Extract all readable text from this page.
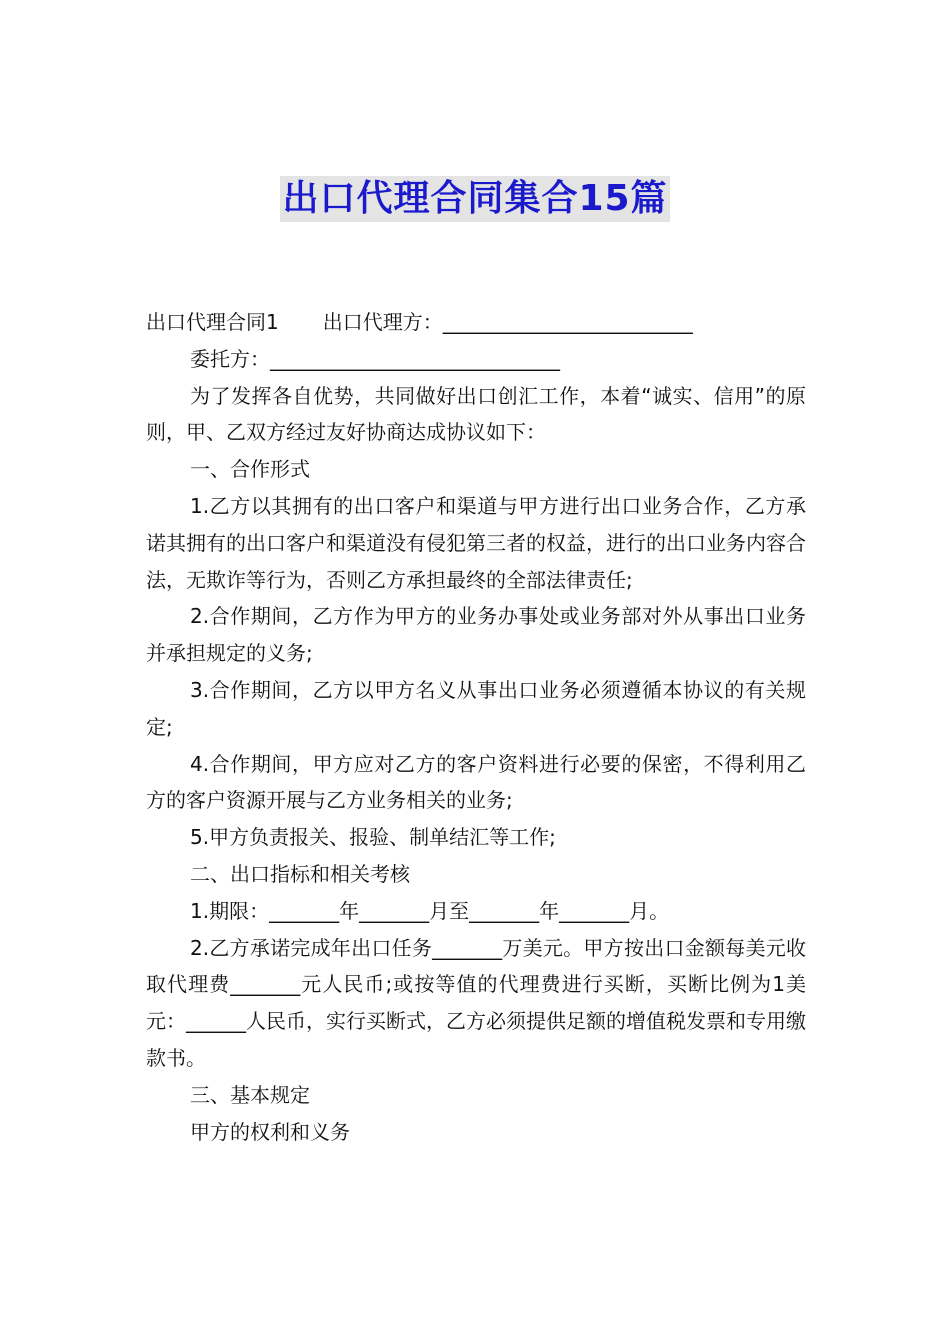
出口代理合同集合15篇

出口代理合同1 出口代理方：_________________________

委托方：_____________________________

为了发挥各自优势，共同做好出口创汇工作，本着“诚实、信用”的原则，甲、乙双方经过友好协商达成协议如下：

一、合作形式

1.乙方以其拥有的出口客户和渠道与甲方进行出口业务合作，乙方承诺其拥有的出口客户和渠道没有侵犯第三者的权益，进行的出口业务内容合法，无欺诈等行为，否则乙方承担最终的全部法律责任;

2.合作期间，乙方作为甲方的业务办事处或业务部对外从事出口业务并承担规定的义务;

3.合作期间，乙方以甲方名义从事出口业务必须遵循本协议的有关规定;

4.合作期间，甲方应对乙方的客户资料进行必要的保密，不得利用乙方的客户资源开展与乙方业务相关的业务;

5.甲方负责报关、报验、制单结汇等工作;

二、出口指标和相关考核

1.期限：_______年_______月至_______年_______月。

2.乙方承诺完成年出口任务_______万美元。甲方按出口金额每美元收取代理费_______元人民币;或按等值的代理费进行买断，买断比例为1美元：______人民币，实行买断式，乙方必须提供足额的增值税发票和专用缴款书。

三、基本规定

甲方的权利和义务
